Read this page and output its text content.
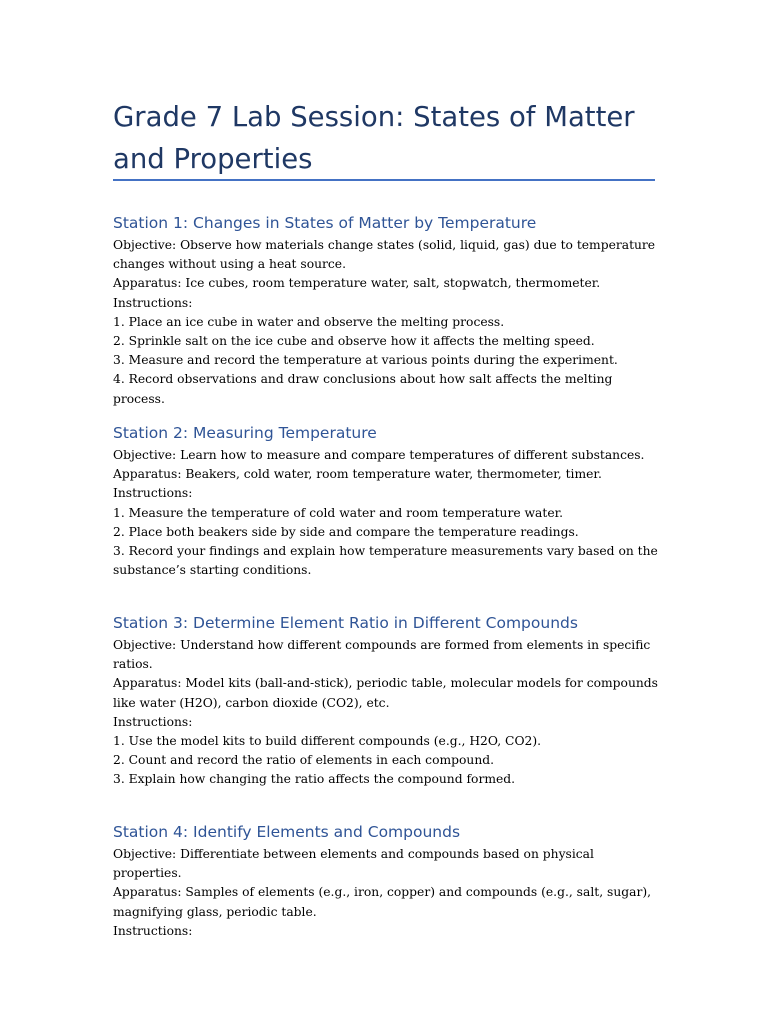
Grade 7 Lab Session: States of Matter and Properties
Station 1: Changes in States of Matter by Temperature

Objective: Observe how materials change states (solid, liquid, gas) due to temperature changes without using a heat source.

Apparatus: Ice cubes, room temperature water, salt, stopwatch, thermometer.

Instructions:

1. Place an ice cube in water and observe the melting process.

2. Sprinkle salt on the ice cube and observe how it affects the melting speed.

3. Measure and record the temperature at various points during the experiment.

4. Record observations and draw conclusions about how salt affects the melting process.

Station 2: Measuring Temperature

Objective: Learn how to measure and compare temperatures of different substances.

Apparatus: Beakers, cold water, room temperature water, thermometer, timer.

Instructions:

1. Measure the temperature of cold water and room temperature water.

2. Place both beakers side by side and compare the temperature readings.

3. Record your findings and explain how temperature measurements vary based on the substance’s starting conditions.

Station 3: Determine Element Ratio in Different Compounds

Objective: Understand how different compounds are formed from elements in specific ratios.

Apparatus: Model kits (ball-and-stick), periodic table, molecular models for compounds like water (H2O), carbon dioxide (CO2), etc.

Instructions:

1. Use the model kits to build different compounds (e.g., H2O, CO2).

2. Count and record the ratio of elements in each compound.

3. Explain how changing the ratio affects the compound formed.

Station 4: Identify Elements and Compounds

Objective: Differentiate between elements and compounds based on physical properties.

Apparatus: Samples of elements (e.g., iron, copper) and compounds (e.g., salt, sugar), magnifying glass, periodic table.

Instructions:
